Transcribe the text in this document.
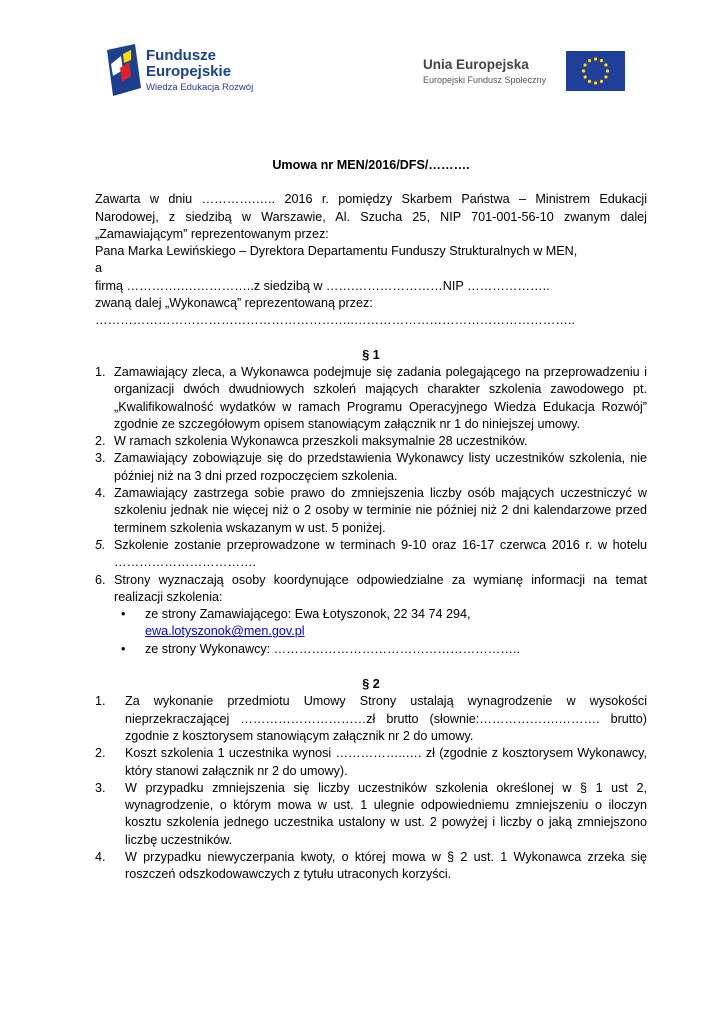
Fundusze
Europejskie
Wiedza Edukacja Rozwój
Unia Europejska
Europejski Fundusz Społeczny

Umowa nr MEN/2016/DFS/……….

Zawarta w dniu ………….….. 2016 r. pomiędzy Skarbem Państwa – Ministrem Edukacji Narodowej, z siedzibą w Warszawie, Al. Szucha 25, NIP 701-001-56-10 zwanym dalej „Zamawiającym” reprezentowanym przez:

Pana Marka Lewińskiego – Dyrektora Departamentu Funduszy Strukturalnych w MEN,

a

firmą ………….….…………..z siedzibą w …….…………………NIP ………………..

zwaną dalej „Wykonawcą” reprezentowaną przez:

……………………………………………………..……………………………………………..

§ 1

1. Zamawiający zleca, a Wykonawca podejmuje się zadania polegającego na przeprowadzeniu i organizacji dwóch dwudniowych szkoleń mających charakter szkolenia zawodowego pt. „Kwalifikowalność wydatków w ramach Programu Operacyjnego Wiedza Edukacja Rozwój” zgodnie ze szczegółowym opisem stanowiącym załącznik nr 1 do niniejszej umowy.
2. W ramach szkolenia Wykonawca przeszkoli maksymalnie 28 uczestników.
3. Zamawiający zobowiązuje się do przedstawienia Wykonawcy listy uczestników szkolenia, nie później niż na 3 dni przed rozpoczęciem szkolenia.
4. Zamawiający zastrzega sobie prawo do zmniejszenia liczby osób mających uczestniczyć w szkoleniu jednak nie więcej niż o 2 osoby w terminie nie później niż 2 dni kalendarzowe przed terminem szkolenia wskazanym w ust. 5 poniżej.
5. Szkolenie zostanie przeprowadzone w terminach 9-10 oraz 16-17 czerwca 2016 r. w hotelu …………………………….
6. Strony wyznaczają osoby koordynujące odpowiedzialne za wymianę informacji na temat realizacji szkolenia:
•	ze strony Zamawiającego: Ewa Łotyszonok, 22 34 74 294,
ewa.lotyszonok@men.gov.pl
•	ze strony Wykonawcy: …………………………………………………..

§ 2

1.	Za wykonanie przedmiotu Umowy Strony ustalają wynagrodzenie w wysokości nieprzekraczającej …………………………zł brutto (słownie:……………….………. brutto) zgodnie z kosztorysem stanowiącym załącznik nr 2 do umowy.
2.	Koszt szkolenia 1 uczestnika wynosi ……………..…. zł (zgodnie z kosztorysem Wykonawcy, który stanowi załącznik nr 2 do umowy).
3.	W przypadku zmniejszenia się liczby uczestników szkolenia określonej w § 1 ust 2, wynagrodzenie, o którym mowa w ust. 1 ulegnie odpowiedniemu zmniejszeniu o iloczyn kosztu szkolenia jednego uczestnika ustalony w ust. 2 powyżej i liczby o jaką zmniejszono liczbę uczestników.
4.	W przypadku niewyczerpania kwoty, o której mowa w § 2 ust. 1 Wykonawca zrzeka się roszczeń odszkodowawczych z tytułu utraconych korzyści.
